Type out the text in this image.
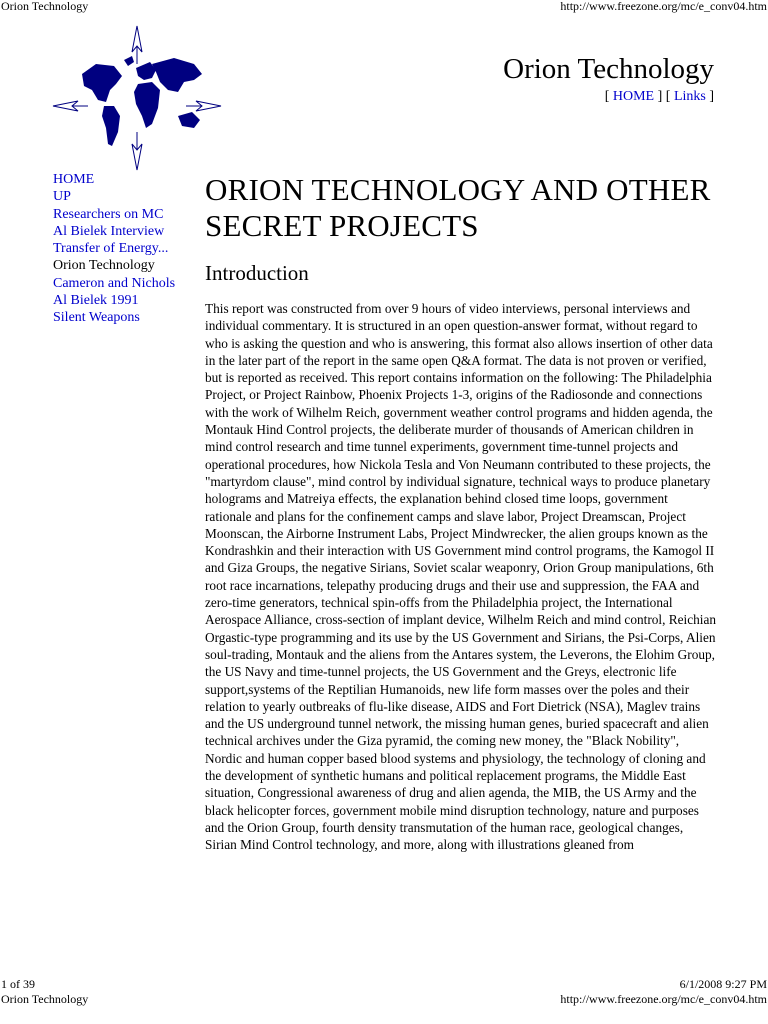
Orion Technology	http://www.freezone.org/mc/e_conv04.htm
Orion Technology
[ HOME ] [ Links ]
HOME
UP
Researchers on MC
Al Bielek Interview
Transfer of Energy...
Orion Technology
Cameron and Nichols
Al Bielek 1991
Silent Weapons
ORION TECHNOLOGY AND OTHER SECRET PROJECTS
Introduction

This report was constructed from over 9 hours of video interviews, personal interviews and individual commentary. It is structured in an open question-answer format, without regard to who is asking the question and who is answering, this format also allows insertion of other data in the later part of the report in the same open Q&A format. The data is not proven or verified, but is reported as received. This report contains information on the following: The Philadelphia Project, or Project Rainbow, Phoenix Projects 1-3, origins of the Radiosonde and connections with the work of Wilhelm Reich, government weather control programs and hidden agenda, the Montauk Hind Control projects, the deliberate murder of thousands of American children in mind control research and time tunnel experiments, government time-tunnel projects and operational procedures, how Nickola Tesla and Von Neumann contributed to these projects, the "martyrdom clause", mind control by individual signature, technical ways to produce planetary holograms and Matreiya effects, the explanation behind closed time loops, government rationale and plans for the confinement camps and slave labor, Project Dreamscan, Project Moonscan, the Airborne Instrument Labs, Project Mindwrecker, the alien groups known as the Kondrashkin and their interaction with US Government mind control programs, the Kamogol II and Giza Groups, the negative Sirians, Soviet scalar weaponry, Orion Group manipulations, 6th root race incarnations, telepathy producing drugs and their use and suppression, the FAA and zero-time generators, technical spin-offs from the Philadelphia project, the International Aerospace Alliance, cross-section of implant device, Wilhelm Reich and mind control, Reichian Orgastic-type programming and its use by the US Government and Sirians, the Psi-Corps, Alien soul-trading, Montauk and the aliens from the Antares system, the Leverons, the Elohim Group, the US Navy and time-tunnel projects, the US Government and the Greys, electronic life support,systems of the Reptilian Humanoids, new life form masses over the poles and their relation to yearly outbreaks of flu-like disease, AIDS and Fort Dietrick (NSA), Maglev trains and the US underground tunnel network, the missing human genes, buried spacecraft and alien technical archives under the Giza pyramid, the coming new money, the "Black Nobility", Nordic and human copper based blood systems and physiology, the technology of cloning and the development of synthetic humans and political replacement programs, the Middle East situation, Congressional awareness of drug and alien agenda, the MIB, the US Army and the black helicopter forces, government mobile mind disruption technology, nature and purposes and the Orion Group, fourth density transmutation of the human race, geological changes, Sirian Mind Control technology, and more, along with illustrations gleaned from

1 of 39	6/1/2008 9:27 PM
Orion Technology	http://www.freezone.org/mc/e_conv04.htm
